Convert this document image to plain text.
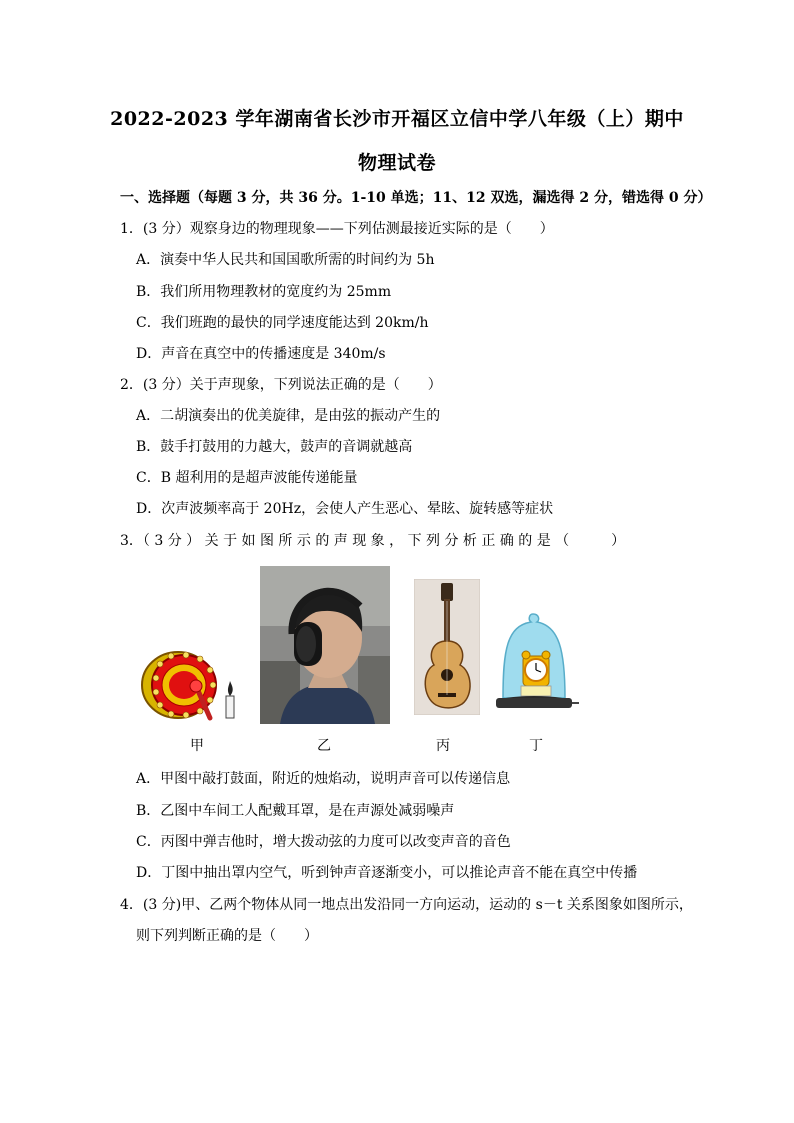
2022-2023 学年湖南省长沙市开福区立信中学八年级（上）期中
物理试卷
一、选择题（每题 3 分，共 36 分。1-10 单选；11、12 双选，漏选得 2 分，错选得 0 分）
1．(3 分）观察身边的物理现象——下列估测最接近实际的是（　　）
A．演奏中华人民共和国国歌所需的时间约为 5h
B．我们所用物理教材的宽度约为 25mm
C．我们班跑的最快的同学速度能达到 20km/h
D．声音在真空中的传播速度是 340m/s
2．(3 分）关于声现象，下列说法正确的是（　　）
A．二胡演奏出的优美旋律，是由弦的振动产生的
B．鼓手打鼓用的力越大，鼓声的音调就越高
C．B 超利用的是超声波能传递能量
D．次声波频率高于 20Hz，会使人产生恶心、晕眩、旋转感等症状
3．（ 3 分 ） 关 于 如 图 所 示 的 声 现 象 ， 下 列 分 析 正 确 的 是 （　　　）
甲	乙	丙	丁
A．甲图中敲打鼓面，附近的烛焰动，说明声音可以传递信息
B．乙图中车间工人配戴耳罩，是在声源处减弱噪声
C．丙图中弹吉他时，增大拨动弦的力度可以改变声音的音色
D．丁图中抽出罩内空气，听到钟声音逐渐变小，可以推论声音不能在真空中传播
4．(3 分)甲、乙两个物体从同一地点出发沿同一方向运动，运动的 s－t 关系图象如图所示，
则下列判断正确的是（　　）
